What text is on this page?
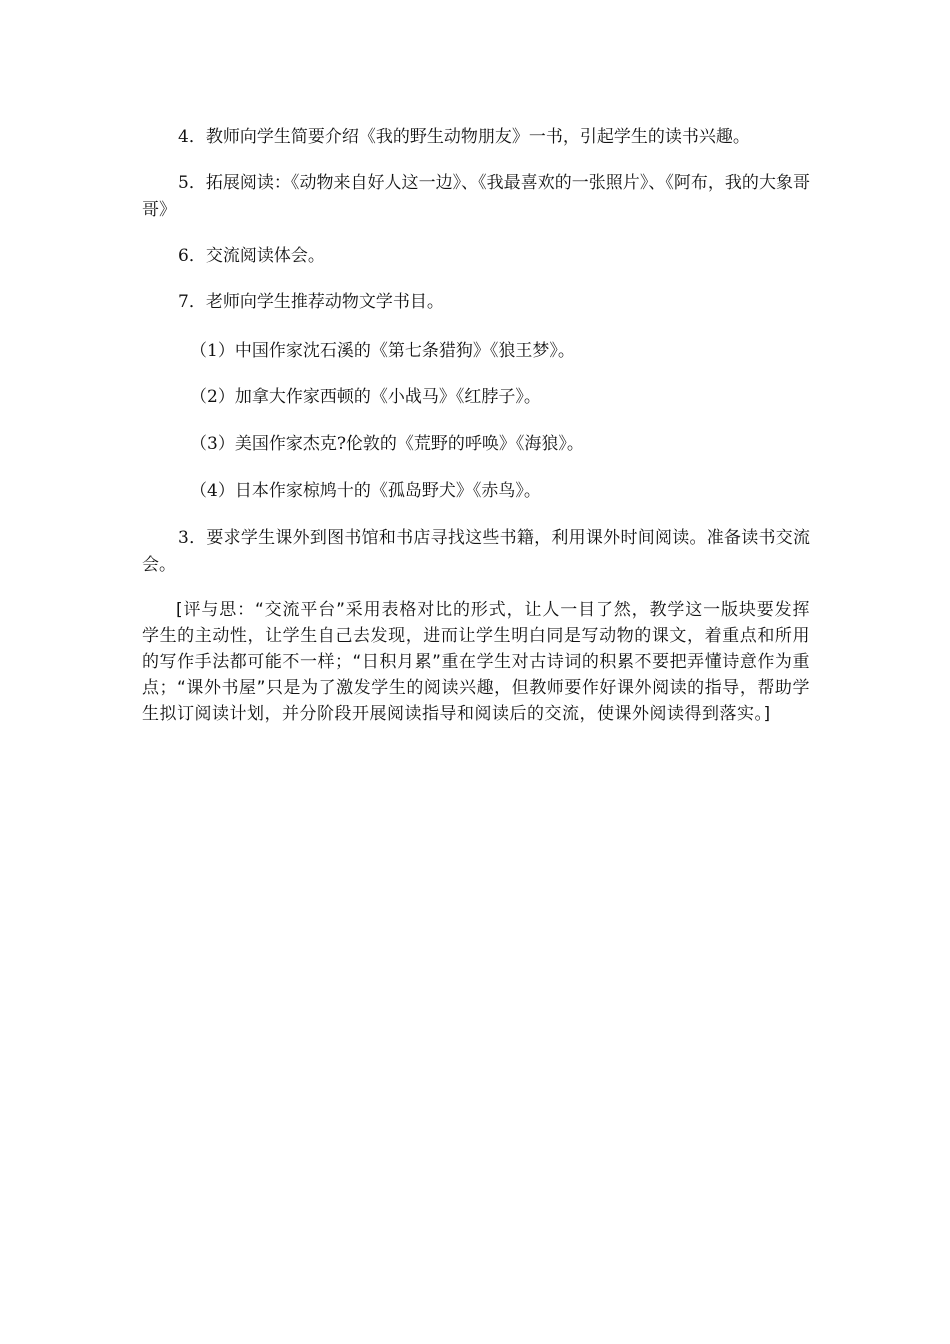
4．教师向学生简要介绍《我的野生动物朋友》一书，引起学生的读书兴趣。

5．拓展阅读：《动物来自好人这一边》、《我最喜欢的一张照片》、《阿布，我的大象哥哥》

6．交流阅读体会。

7．老师向学生推荐动物文学书目。

（1）中国作家沈石溪的《第七条猎狗》《狼王梦》。

（2）加拿大作家西顿的《小战马》《红脖子》。

（3）美国作家杰克?伦敦的《荒野的呼唤》《海狼》。

（4）日本作家椋鸠十的《孤岛野犬》《赤鸟》。

3．要求学生课外到图书馆和书店寻找这些书籍，利用课外时间阅读。准备读书交流会。

[评与思：“交流平台”采用表格对比的形式，让人一目了然，教学这一版块要发挥学生的主动性，让学生自己去发现，进而让学生明白同是写动物的课文，着重点和所用的写作手法都可能不一样；“日积月累”重在学生对古诗词的积累不要把弄懂诗意作为重点；“课外书屋”只是为了激发学生的阅读兴趣，但教师要作好课外阅读的指导，帮助学生拟订阅读计划，并分阶段开展阅读指导和阅读后的交流，使课外阅读得到落实。]
